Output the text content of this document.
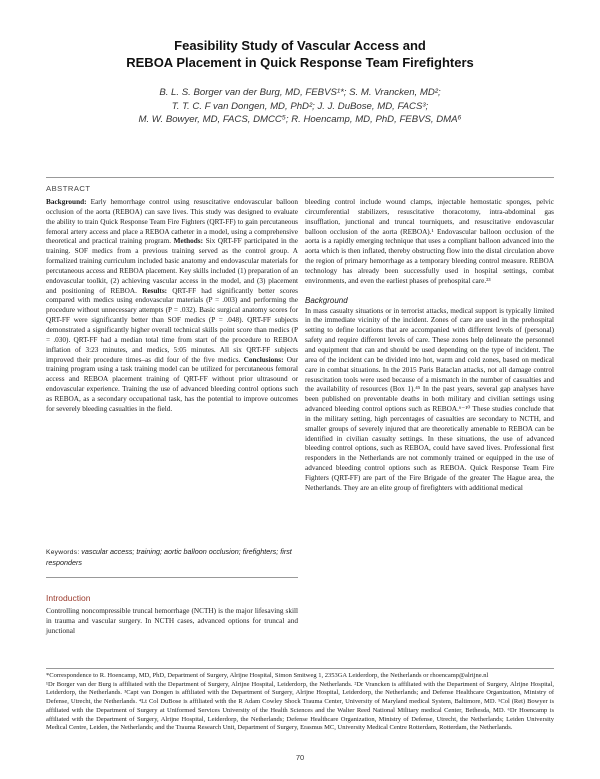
Feasibility Study of Vascular Access and
REBOA Placement in Quick Response Team Firefighters
B. L. S. Borger van der Burg, MD, FEBVS¹*; S. M. Vrancken, MD²;
T. T. C. F van Dongen, MD, PhD²; J. J. DuBose, MD, FACS³;
M. W. Bowyer, MD, FACS, DMCC⁵; R. Hoencamp, MD, PhD, FEBVS, DMA⁶
ABSTRACT

Background: Early hemorrhage control using resuscitative endovascular balloon occlusion of the aorta (REBOA) can save lives. This study was designed to evaluate the ability to train Quick Response Team Fire Fighters (QRT-FF) to gain percutaneous femoral artery access and place a REBOA catheter in a model, using a comprehensive theoretical and practical training program. Methods: Six QRT-FF participated in the training. SOF medics from a previous training served as the control group. A formalized training curriculum included basic anatomy and endovascular materials for percutaneous access and REBOA placement. Key skills included (1) preparation of an endovascular toolkit, (2) achieving vascular access in the model, and (3) placement and positioning of REBOA. Results: QRT-FF had significantly better scores compared with medics using endovascular materials (P = .003) and performing the procedure without unnecessary attempts (P = .032). Basic surgical anatomy scores for QRT-FF were significantly better than SOF medics (P = .048). QRT-FF subjects demonstrated a significantly higher overall technical skills point score than medics (P = .030). QRT-FF had a median total time from start of the procedure to REBOA inflation of 3:23 minutes, and medics, 5:05 minutes. All six QRT-FF subjects improved their procedure times–as did four of the five medics. Conclusions: Our training program using a task training model can be utilized for percutaneous femoral access and REBOA placement training of QRT-FF without prior ultrasound or endovascular experience. Training the use of advanced bleeding control options such as REBOA, as a secondary occupational task, has the potential to improve outcomes for severely bleeding casualties in the field.

Keywords: vascular access; training; aortic balloon occlusion; firefighters; first responders
Introduction

Controlling noncompressible truncal hemorrhage (NCTH) is the major lifesaving skill in trauma and vascular surgery. In NCTH cases, advanced options for truncal and junctional

bleeding control include wound clamps, injectable hemostatic sponges, pelvic circumferential stabilizers, resuscitative thoracotomy, intra-abdominal gas insufflation, junctional and truncal tourniquets, and resuscitative endovascular balloon occlusion of the aorta (REBOA).¹ Endovascular balloon occlusion of the aorta is a rapidly emerging technique that uses a compliant balloon advanced into the aorta which is then inflated, thereby obstructing flow into the distal circulation above the region of primary hemorrhage as a temporary bleeding control measure. REBOA technology has already been successfully used in hospital settings, combat environments, and even the earliest phases of prehospital care.²³

Background

In mass casualty situations or in terrorist attacks, medical support is typically limited in the immediate vicinity of the incident. Zones of care are used in the prehospital setting to define locations that are accompanied with different levels of (personal) safety and require different levels of care. These zones help delineate the personnel and equipment that can and should be used depending on the type of incident. The area of the incident can be divided into hot, warm and cold zones, based on medical care in combat situations. In the 2015 Paris Bataclan attacks, not all damage control resuscitation tools were used because of a mismatch in the number of casualties and the availability of resources (Box 1).⁴⁵ In the past years, several gap analyses have been published on preventable deaths in both military and civilian settings using advanced bleeding control options such as REBOA.⁶⁻¹⁰ These studies conclude that in the military setting, high percentages of casualties are secondary to NCTH, and smaller groups of severely injured that are theoretically amenable to REBOA can be identified in civilian casualty settings. In these situations, the use of advanced bleeding control options, such as REBOA, could have saved lives. Professional first responders in the Netherlands are not commonly trained or equipped in the use of advanced bleeding control options such as REBOA. Quick Response Team Fire Fighters (QRT-FF) are part of the Fire Brigade of the greater The Hague area, the Netherlands. They are an elite group of firefighters with additional medical

*Correspondence to R. Hoencamp, MD, PhD, Department of Surgery, Alrijne Hospital, Simon Smitweg 1, 2353GA Leiderdorp, the Netherlands or rhoencamp@alrijne.nl

¹Dr Borger van der Burg is affiliated with the Department of Surgery, Alrijne Hospital, Leiderdorp, the Netherlands. ²Dr Vrancken is affiliated with the Department of Surgery, Alrijne Hospital, Leiderdorp, the Netherlands. ³Capt van Dongen is affiliated with the Department of Surgery, Alrijne Hospital, Leiderdorp, the Netherlands; and Defense Healthcare Organization, Ministry of Defense, Utrecht, the Netherlands. ⁴Lt Col DuBose is affiliated with the R Adam Cowley Shock Trauma Center, University of Maryland medical System, Baltimore, MD. ⁵Col (Ret) Bowyer is affiliated with the Department of Surgery at Uniformed Services University of the Health Sciences and the Walter Reed National Military medical Center, Bethesda, MD. ⁶Dr Hoencamp is affiliated with the Department of Surgery, Alrijne Hospital, Leiderdorp, the Netherlands; Defense Healthcare Organization, Ministry of Defense, Utrecht, the Netherlands; Leiden University Medical Centre, Leiden, the Netherlands; and the Trauma Research Unit, Department of Surgery, Erasmus MC, University Medical Centre Rotterdam, Rotterdam, the Netherlands.

70
